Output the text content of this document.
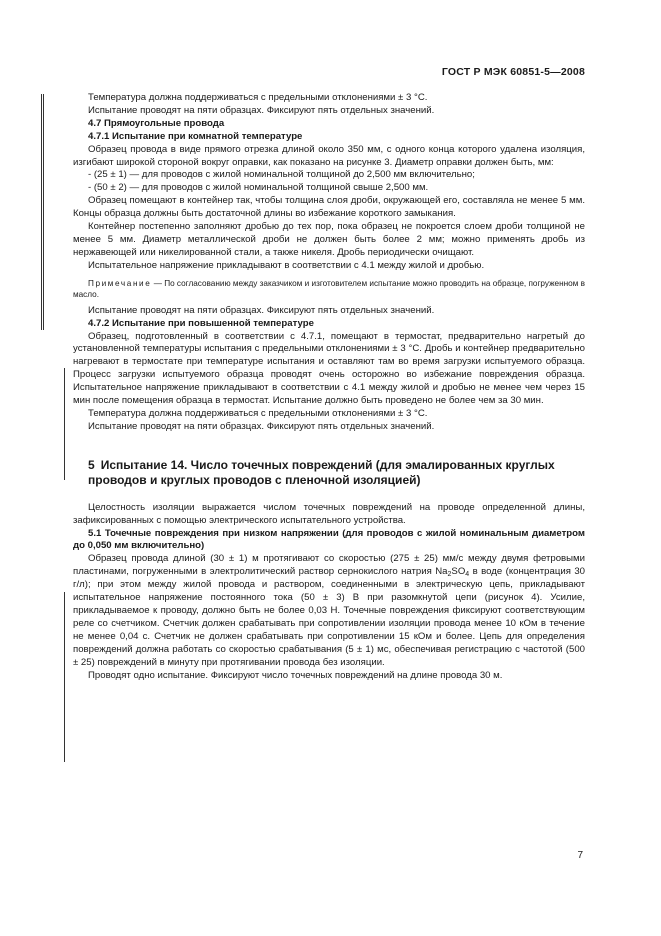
ГОСТ Р МЭК 60851-5—2008

Температура должна поддерживаться с предельными отклонениями ± 3 °С.

Испытание проводят на пяти образцах. Фиксируют пять отдельных значений.

4.7 Прямоугольные провода

4.7.1 Испытание при комнатной температуре

Образец провода в виде прямого отрезка длиной около 350 мм, с одного конца которого удалена изоляция, изгибают широкой стороной вокруг оправки, как показано на рисунке 3. Диаметр оправки должен быть, мм:

- (25 ± 1) — для проводов с жилой номинальной толщиной до 2,500 мм включительно;

- (50 ± 2) — для проводов с жилой номинальной толщиной свыше 2,500 мм.

Образец помещают в контейнер так, чтобы толщина слоя дроби, окружающей его, составляла не менее 5 мм. Концы образца должны быть достаточной длины во избежание короткого замыкания.

Контейнер постепенно заполняют дробью до тех пор, пока образец не покроется слоем дроби толщиной не менее 5 мм. Диаметр металлической дроби не должен быть более 2 мм; можно применять дробь из нержавеющей или никелированной стали, а также никеля. Дробь периодически очищают.

Испытательное напряжение прикладывают в соответствии с 4.1 между жилой и дробью.

Примечание — По согласованию между заказчиком и изготовителем испытание можно проводить на образце, погруженном в масло.

Испытание проводят на пяти образцах. Фиксируют пять отдельных значений.

4.7.2 Испытание при повышенной температуре

Образец, подготовленный в соответствии с 4.7.1, помещают в термостат, предварительно нагретый до установленной температуры испытания с предельными отклонениями ± 3 °С. Дробь и контейнер предварительно нагревают в термостате при температуре испытания и оставляют там во время загрузки испытуемого образца. Процесс загрузки испытуемого образца проводят очень осторожно во избежание повреждения образца. Испытательное напряжение прикладывают в соответствии с 4.1 между жилой и дробью не менее чем через 15 мин после помещения образца в термостат. Испытание должно быть проведено не более чем за 30 мин.

Температура должна поддерживаться с предельными отклонениями ± 3 °С.

Испытание проводят на пяти образцах. Фиксируют пять отдельных значений.

5 Испытание 14. Число точечных повреждений (для эмалированных круглых проводов и круглых проводов с пленочной изоляцией)

Целостность изоляции выражается числом точечных повреждений на проводе определенной длины, зафиксированных с помощью электрического испытательного устройства.

5.1 Точечные повреждения при низком напряжении (для проводов с жилой номинальным диаметром до 0,050 мм включительно)

Образец провода длиной (30 ± 1) м протягивают со скоростью (275 ± 25) мм/с между двумя фетровыми пластинами, погруженными в электролитический раствор сернокислого натрия $Na_2SO_4$ в воде (концентрация 30 г/л); при этом между жилой провода и раствором, соединенными в электрическую цепь, прикладывают испытательное напряжение постоянного тока (50 ± 3) В при разомкнутой цепи (рисунок 4). Усилие, прикладываемое к проводу, должно быть не более 0,03 Н. Точечные повреждения фиксируют соответствующим реле со счетчиком. Счетчик должен срабатывать при сопротивлении изоляции провода менее 10 кОм в течение не менее 0,04 с. Счетчик не должен срабатывать при сопротивлении 15 кОм и более. Цепь для определения повреждений должна работать со скоростью срабатывания (5 ± 1) мс, обеспечивая регистрацию с частотой (500 ± 25) повреждений в минуту при протягивании провода без изоляции.

Проводят одно испытание. Фиксируют число точечных повреждений на длине провода 30 м.

7
